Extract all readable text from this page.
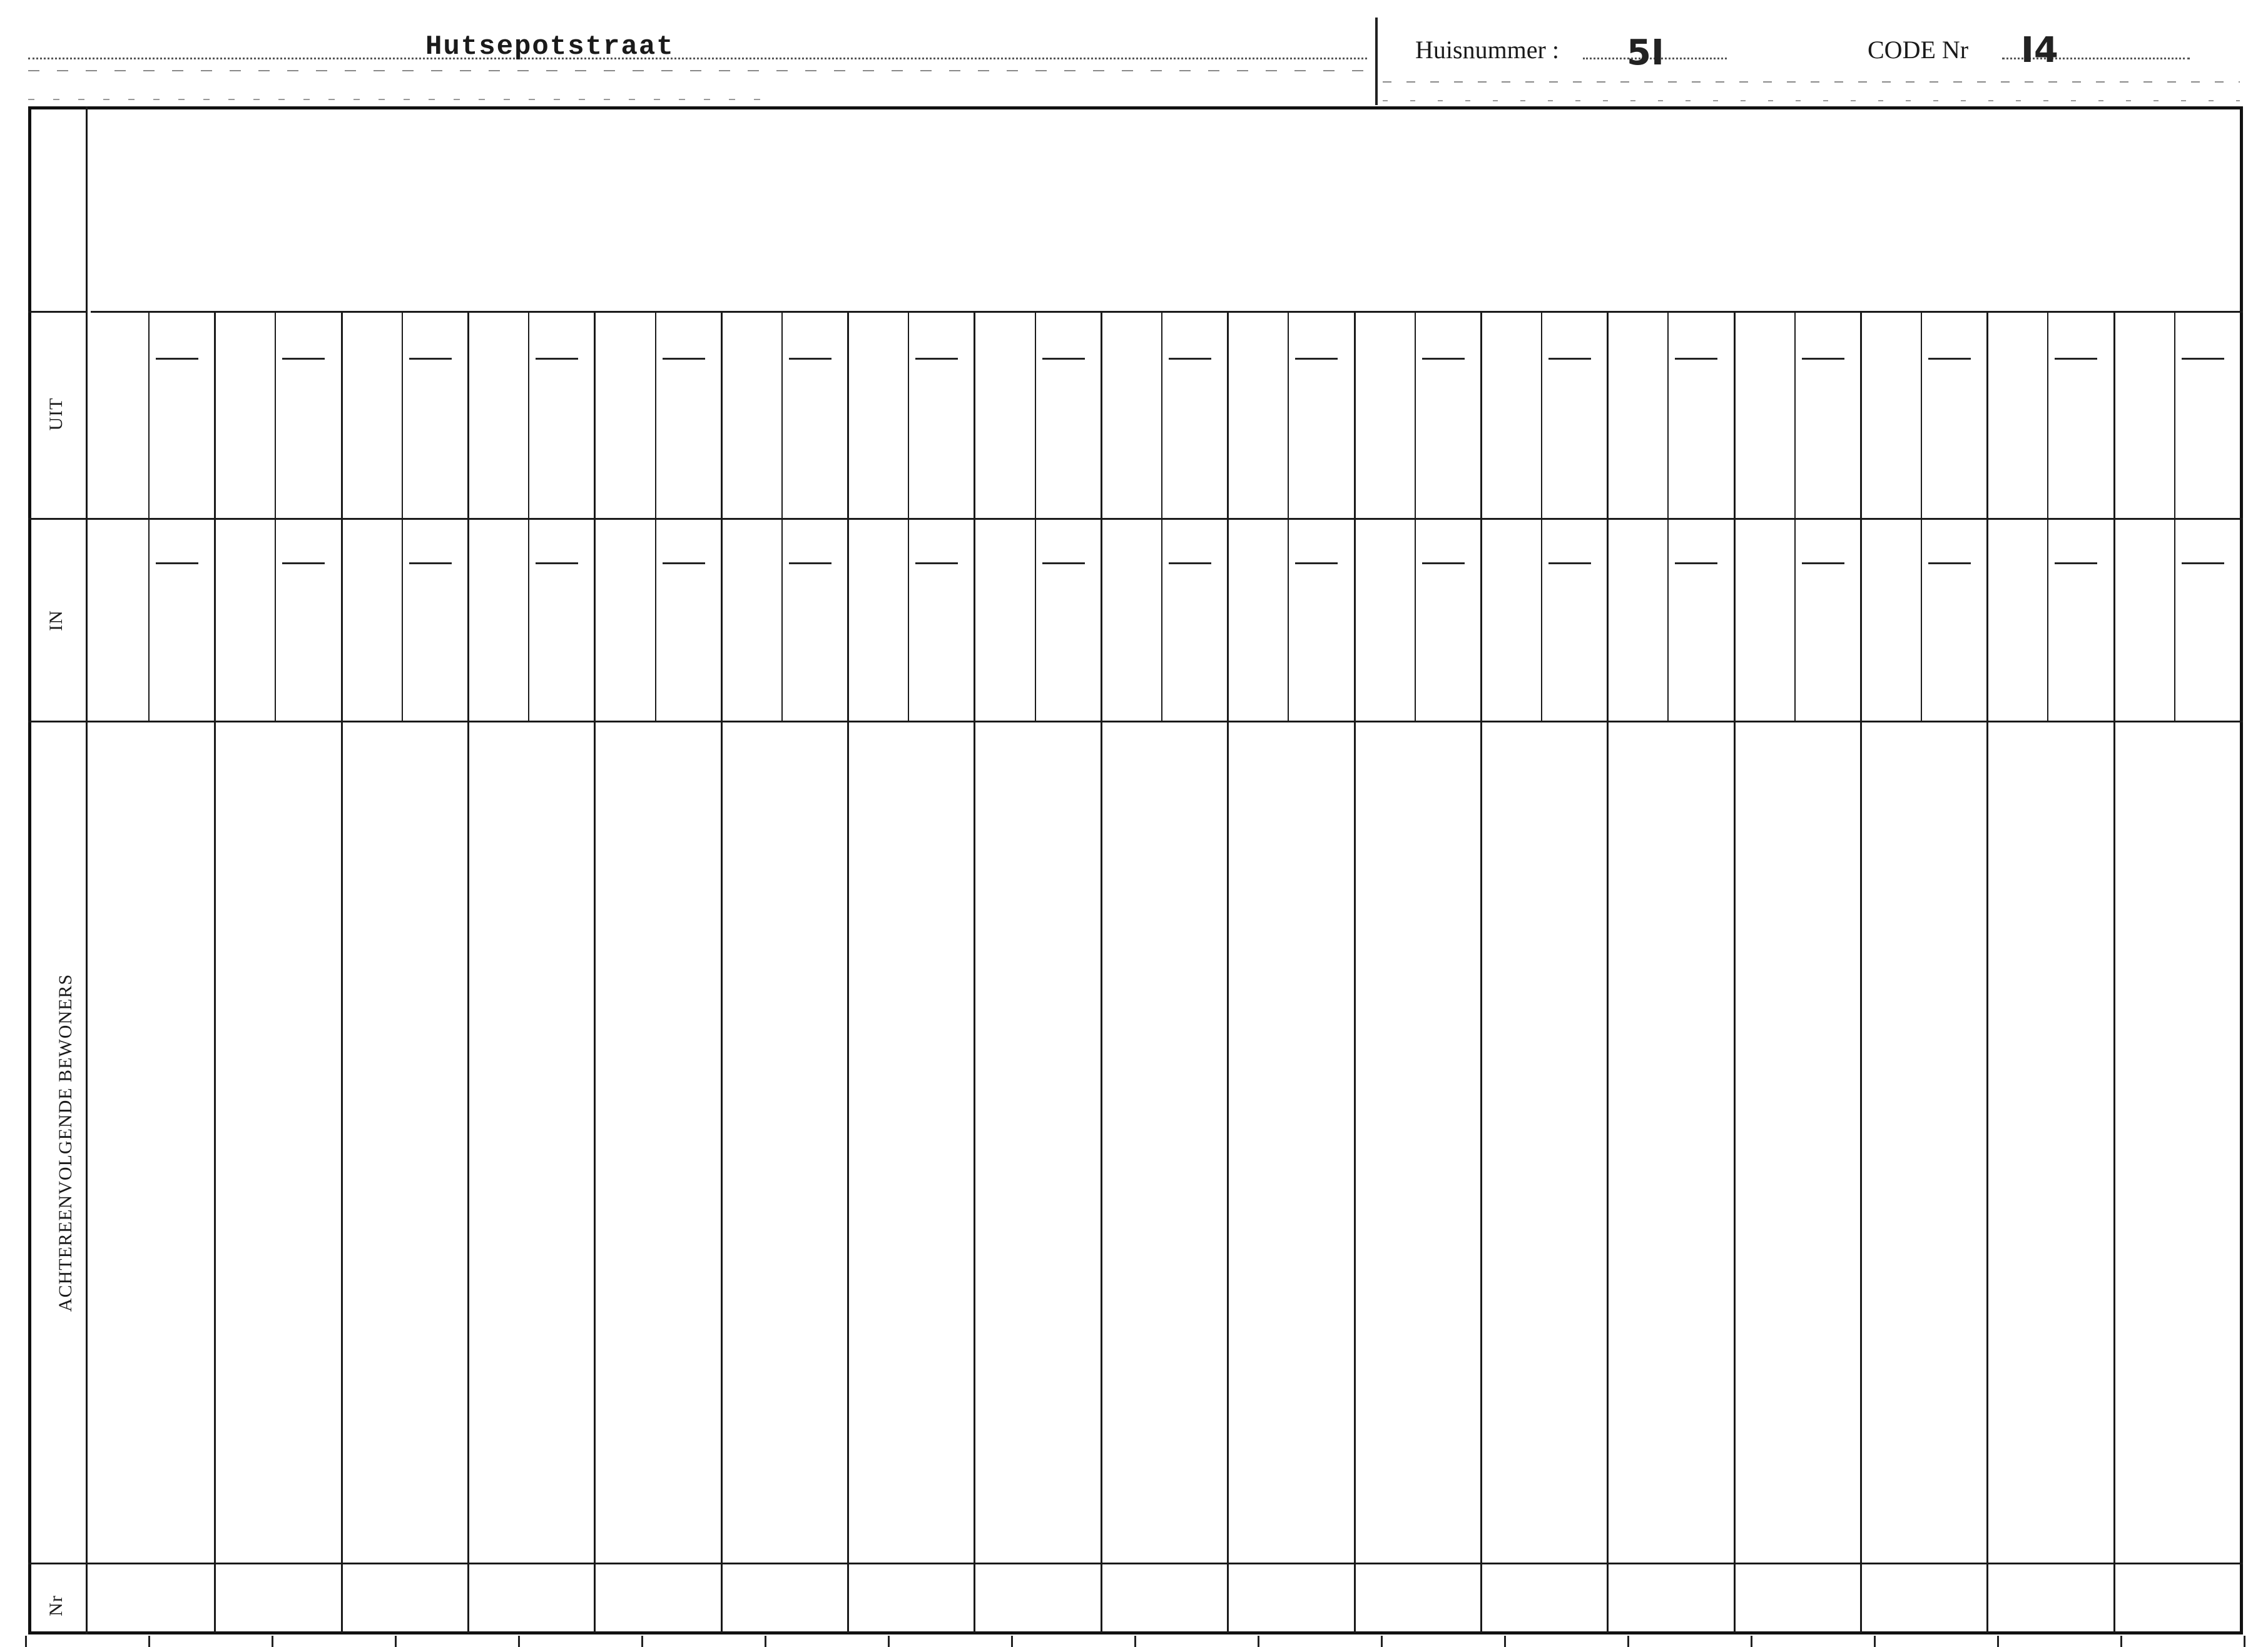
Hutsepotstraat	Huisnummer : 5I	CODE Nr I4
UIT
IN
ACHTEREENVOLGENDE BEWONERS
Nr
